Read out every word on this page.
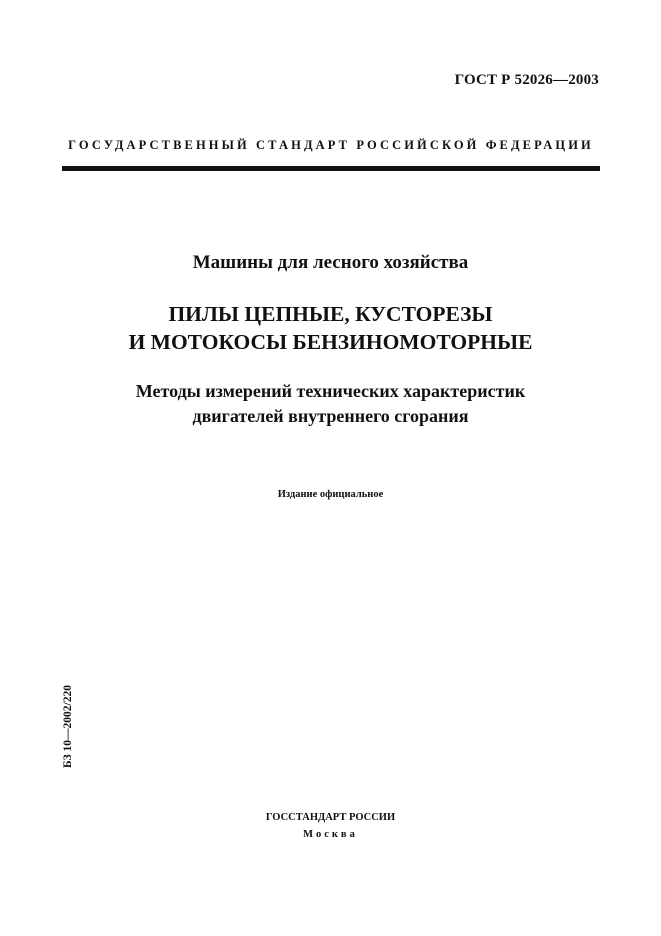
ГОСТ Р 52026—2003
ГОСУДАРСТВЕННЫЙ СТАНДАРТ РОССИЙСКОЙ ФЕДЕРАЦИИ
Машины для лесного хозяйства
ПИЛЫ ЦЕПНЫЕ, КУСТОРЕЗЫ
И МОТОКОСЫ БЕНЗИНОМОТОРНЫЕ
Методы измерений технических характеристик
двигателей внутреннего сгорания
Издание официальное
БЗ 10—2002/220
ГОССТАНДАРТ РОССИИ
Москва
